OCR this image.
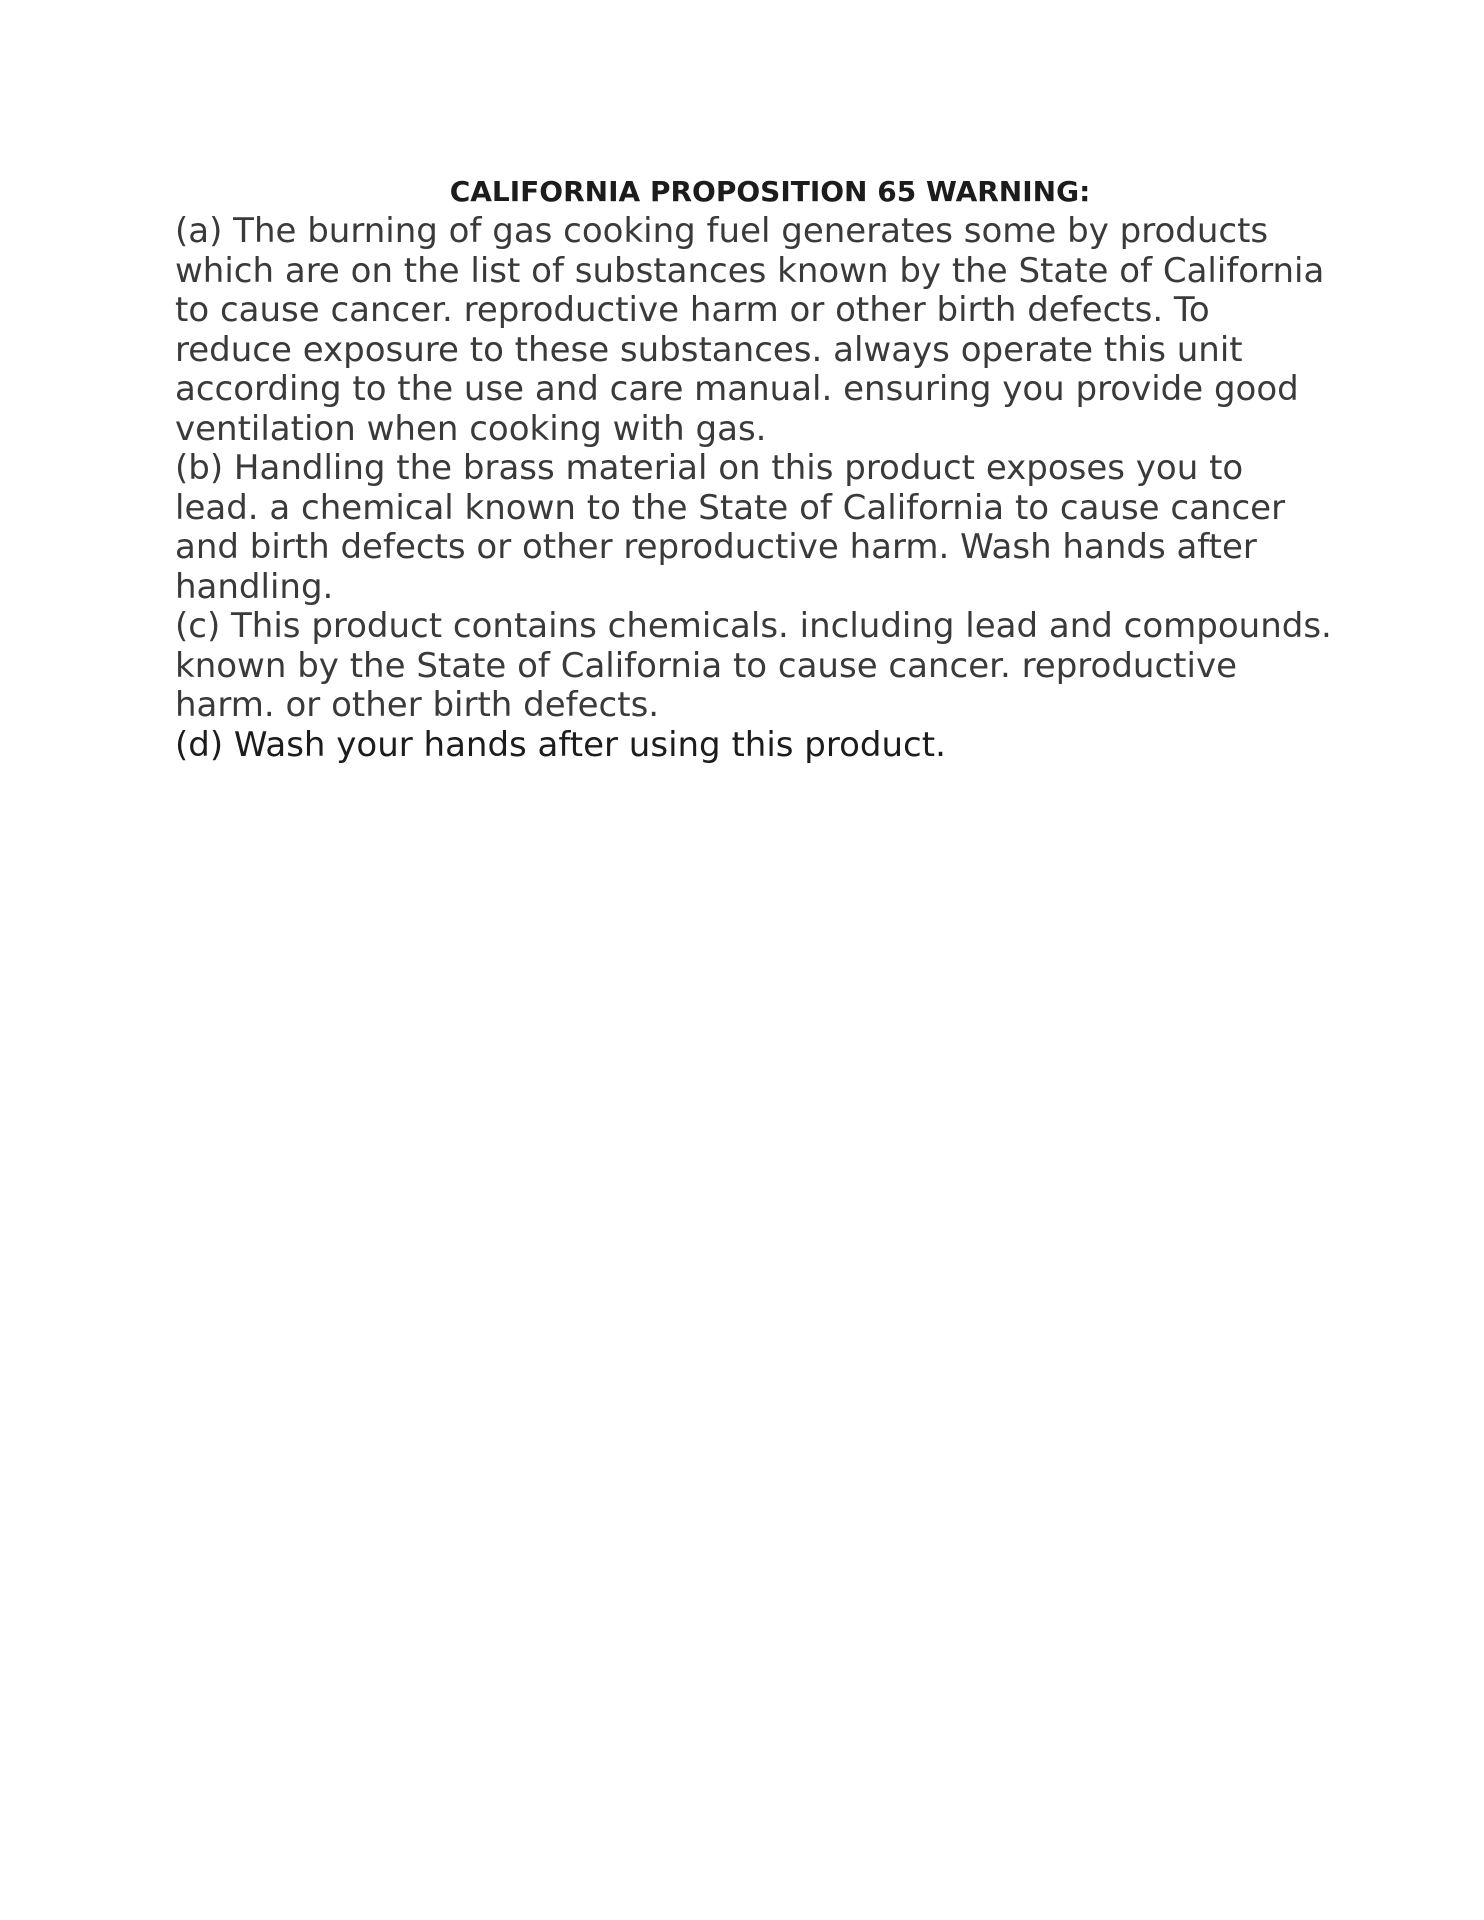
CALIFORNIA PROPOSITION 65 WARNING:

(a) The burning of gas cooking fuel generates some by products which are on the list of substances known by the State of California to cause cancer. reproductive harm or other birth defects. To reduce exposure to these substances. always operate this unit according to the use and care manual. ensuring you provide good ventilation when cooking with gas.

(b) Handling the brass material on this product exposes you to lead. a chemical known to the State of California to cause cancer and birth defects or other reproductive harm. Wash hands after handling.

(c) This product contains chemicals. including lead and compounds. known by the State of California to cause cancer. reproductive harm. or other birth defects.

(d) Wash your hands after using this product.
